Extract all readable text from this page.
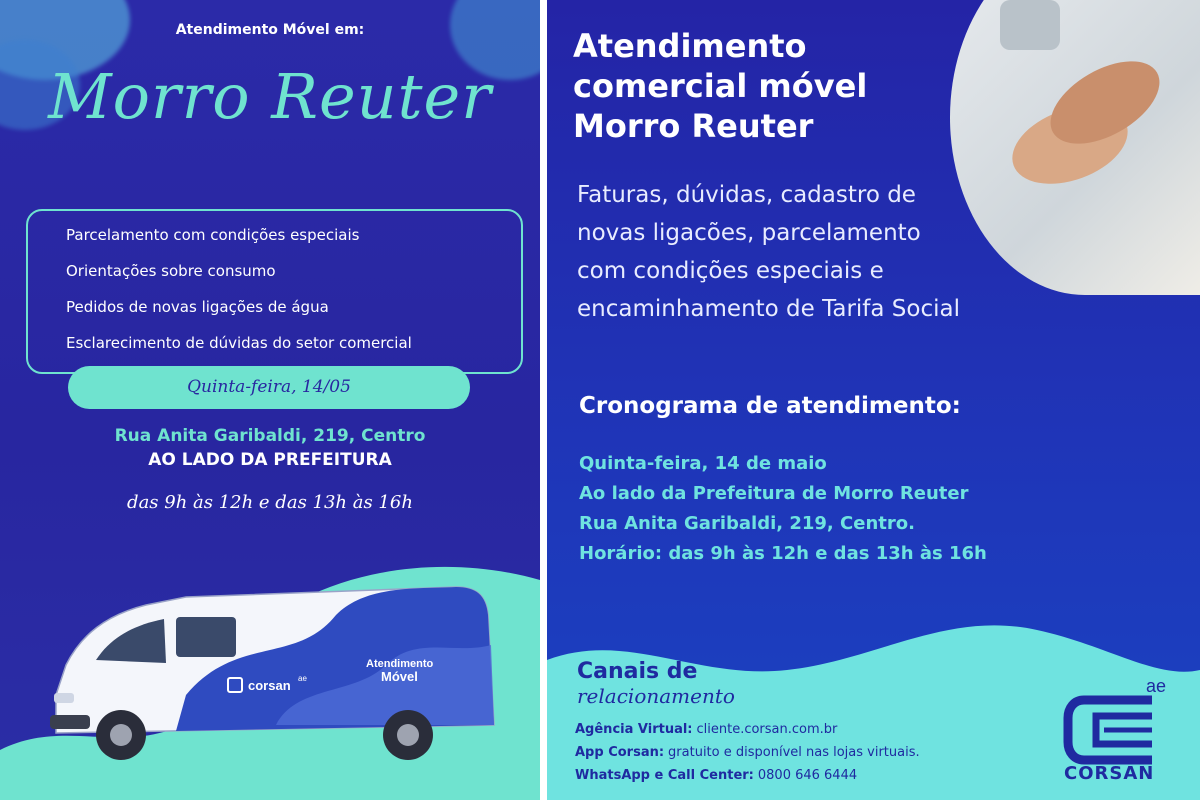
Atendimento Móvel em:
Morro Reuter
Parcelamento com condições especiais
Orientações sobre consumo
Pedidos de novas ligações de água
Esclarecimento de dúvidas do setor comercial
Quinta-feira, 14/05
Rua Anita Garibaldi, 219, Centro
AO LADO DA PREFEITURA
das 9h às 12h e das 13h às 16h
Atendimento
Móvel
corsan ae
Atendimento
comercial móvel
Morro Reuter
Faturas, dúvidas, cadastro de novas ligacões, parcelamento com condições especiais e encaminhamento de Tarifa Social
Cronograma de atendimento:
Quinta-feira, 14 de maio
Ao lado da Prefeitura de Morro Reuter
Rua Anita Garibaldi, 219, Centro.
Horário: das 9h às 12h e das 13h às 16h
Canais de
relacionamento
Agência Virtual: cliente.corsan.com.br
App Corsan: gratuito e disponível nas lojas virtuais.
WhatsApp e Call Center: 0800 646 6444
ae
CORSAN
